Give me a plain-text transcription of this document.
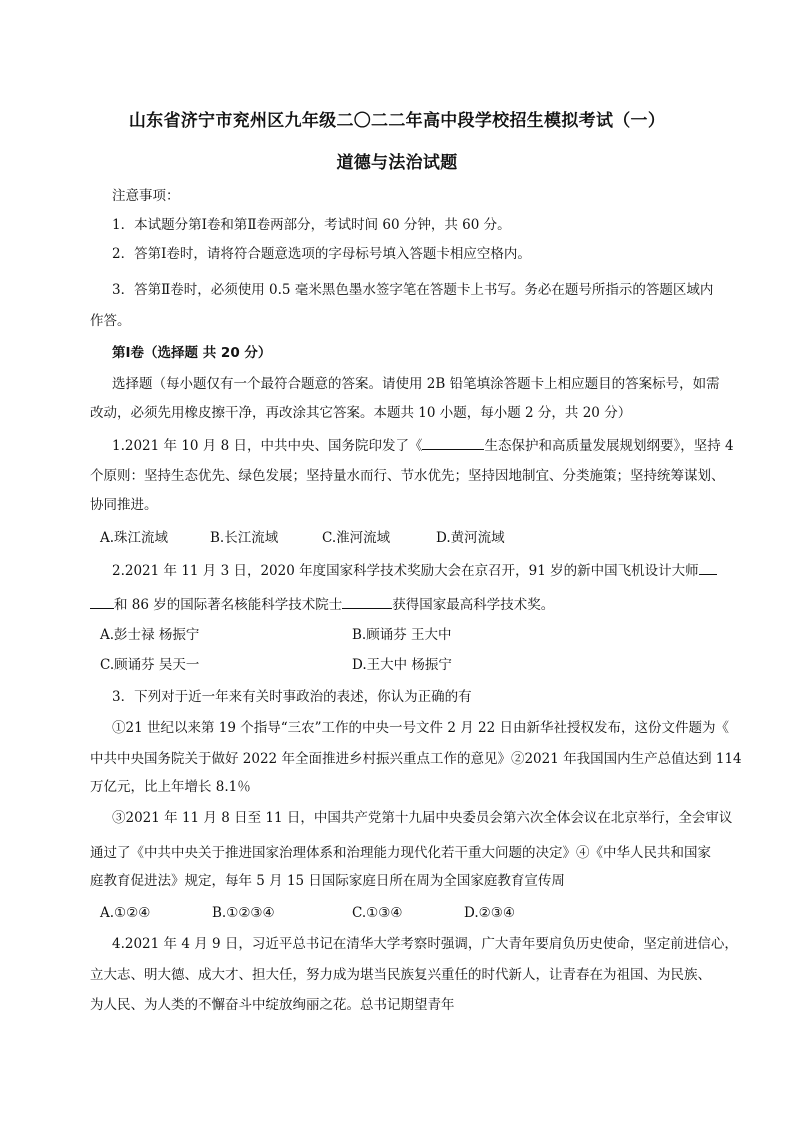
山东省济宁市兖州区九年级二〇二二年高中段学校招生模拟考试（一）
道德与法治试题
注意事项：
1．本试题分第Ⅰ卷和第Ⅱ卷两部分，考试时间 60 分钟，共 60 分。
2．答第Ⅰ卷时，请将符合题意选项的字母标号填入答题卡相应空格内。
3．答第Ⅱ卷时，必须使用 0.5 毫米黑色墨水签字笔在答题卡上书写。务必在题号所指示的答题区域内
作答。
第Ⅰ卷（选择题 共 20 分）
选择题（每小题仅有一个最符合题意的答案。请使用 2B 铅笔填涂答题卡上相应题目的答案标号，如需
改动，必须先用橡皮擦干净，再改涂其它答案。本题共 10 小题，每小题 2 分，共 20 分）
1.2021 年 10 月 8 日，中共中央、国务院印发了《	生态保护和高质量发展规划纲要》，坚持 4
个原则：坚持生态优先、绿色发展；坚持量水而行、节水优先；坚持因地制宜、分类施策；坚持统筹谋划、
协同推进。
A.珠江流域	B.长江流域	C.淮河流域	D.黄河流域
2.2021 年 11 月 3 日，2020 年度国家科学技术奖励大会在京召开，91 岁的新中国飞机设计大师
和 86 岁的国际著名核能科学技术院士	获得国家最高科学技术奖。
A.彭士禄 杨振宁	B.顾诵芬 王大中
C.顾诵芬 吴天一	D.王大中 杨振宁
3．下列对于近一年来有关时事政治的表述，你认为正确的有
①21 世纪以来第 19 个指导“三农”工作的中央一号文件 2 月 22 日由新华社授权发布，这份文件题为《
中共中央国务院关于做好 2022 年全面推进乡村振兴重点工作的意见》②2021 年我国国内生产总值达到 114
万亿元，比上年增长 8.1％
③2021 年 11 月 8 日至 11 日，中国共产党第十九届中央委员会第六次全体会议在北京举行，全会审议
通过了《中共中央关于推进国家治理体系和治理能力现代化若干重大问题的决定》④《中华人民共和国家
庭教育促进法》规定，每年 5 月 15 日国际家庭日所在周为全国家庭教育宣传周
A.①②④	B.①②③④	C.①③④	D.②③④
4.2021 年 4 月 9 日，习近平总书记在清华大学考察时强调，广大青年要肩负历史使命，坚定前进信心，
立大志、明大德、成大才、担大任，努力成为堪当民族复兴重任的时代新人，让青春在为祖国、为民族、
为人民、为人类的不懈奋斗中绽放绚丽之花。总书记期望青年
